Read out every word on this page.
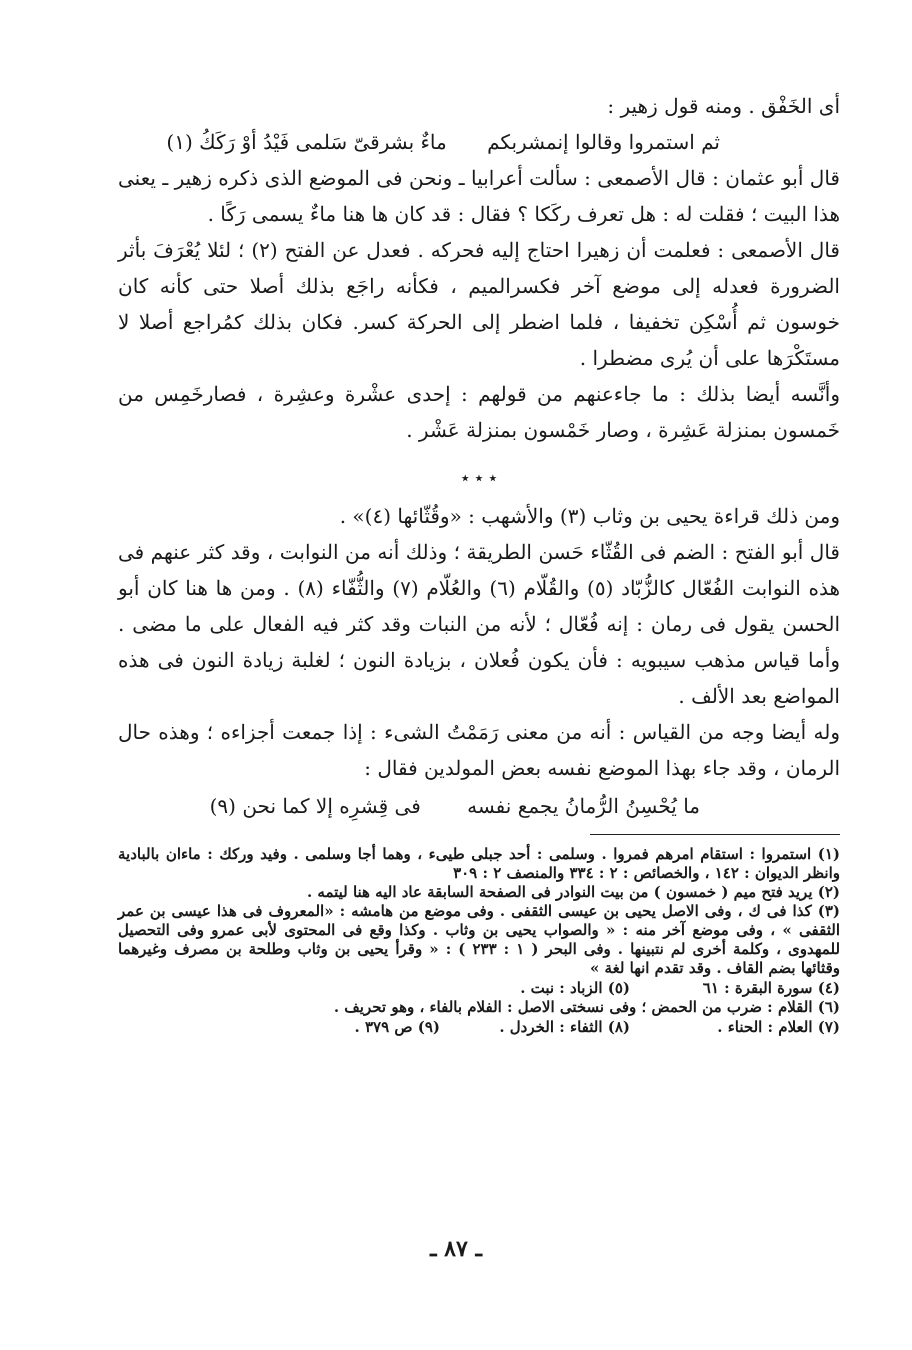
أى الخَفْق . ومنه قول زهير :

ثم استمروا وقالوا إنمشربكم ماءٌ بشرقىّ سَلمى فَيْدُ أوْ رَكَكُ (١)

قال أبو عثمان : قال الأصمعى : سألت أعرابيا ـ ونحن فى الموضع الذى ذكره زهير ـ يعنى هذا البيت ؛ فقلت له : هل تعرف ركَكا ؟ فقال : قد كان ها هنا ماءٌ يسمى رَكًا .

قال الأصمعى : فعلمت أن زهيرا احتاج إليه فحركه . فعدل عن الفتح (٢) ؛ لئلا يُعْرَفَ بأثر الضرورة فعدله إلى موضع آخر فكسرالميم ، فكأنه راجَع بذلك أصلا حتى كأنه كان خوسون ثم أُسْكِن تخفيفا ، فلما اضطر إلى الحركة كسر. فكان بذلك كمُراجع أصلا لا مستَكْرَها على أن يُرى مضطرا .

وأنَّسه أيضا بذلك : ما جاءعنهم من قولهم : إحدى عشْرة وعشِرة ، فصارخَمِس من خَمسون بمنزلة عَشِرة ، وصار خَمْسون بمنزلة عَشْر .

٭ ٭ ٭

ومن ذلك قراءة يحيى بن وثاب (٣) والأشهب : «وقُثّائها (٤)» .

قال أبو الفتح : الضم فى القُثّاء حَسن الطريقة ؛ وذلك أنه من النوابت ، وقد كثر عنهم فى هذه النوابت الفُعّال كالزُّبّاد (٥) والقُلّام (٦) والعُلّام (٧) والثُّفّاء (٨) . ومن ها هنا كان أبو الحسن يقول فى رمان : إنه فُعّال ؛ لأنه من النبات وقد كثر فيه الفعال على ما مضى . وأما قياس مذهب سيبويه : فأن يكون فُعلان ، بزيادة النون ؛ لغلبة زيادة النون فى هذه المواضع بعد الألف .

وله أيضا وجه من القياس : أنه من معنى رَمَمْتُ الشىء : إذا جمعت أجزاءه ؛ وهذه حال الرمان ، وقد جاء بهذا الموضع نفسه بعض المولدين فقال :

ما يُحْسِنُ الرُّمانُ يجمع نفسه فى قِشرِه إلا كما نحن (٩)

(١) استمروا : استقام امرهم فمروا . وسلمى : أحد جبلى طيىء ، وهما أجا وسلمى . وفيد وركك : ماءان بالبادية وانظر الديوان : ١٤٢ ، والخصائص : ٢ : ٣٣٤ والمنصف ٢ : ٣٠٩

(٢) يريد فتح ميم ( خمسون ) من بيت النوادر فى الصفحة السابقة عاد اليه هنا ليتمه .

(٣) كذا فى ك ، وفى الاصل يحيى بن عيسى الثقفى . وفى موضع من هامشه : «المعروف فى هذا عيسى بن عمر الثقفى » ، وفى موضع آخر منه : « والصواب يحيى بن وثاب . وكذا وقع فى المحتوى لأبى عمرو وفى التحصيل للمهدوى ، وكلمة أخرى لم نتبينها . وفى البحر ( ١ : ٢٣٣ ) : « وقرأ يحيى بن وثاب وطلحة بن مصرف وغيرهما وقثائها بضم القاف . وقد تقدم انها لغة »

(٤) سورة البقرة : ٦١
(٥) الزباد : نبت .

(٦) القلام : ضرب من الحمض ؛ وفى نسختى الاصل : الفلام بالفاء ، وهو تحريف .

(٧) العلام : الحناء .
(٨) الثفاء : الخردل .
(٩) ص ٣٧٩ .
ـ ٨٧ ـ
